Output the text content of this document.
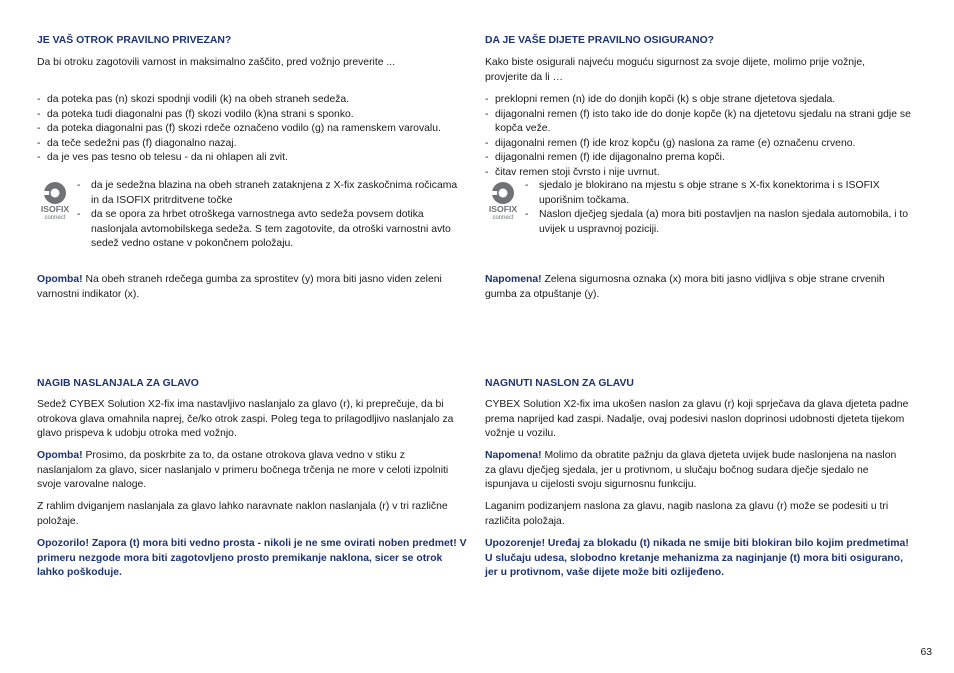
JE VAŠ OTROK PRAVILNO PRIVEZAN?
Da bi otroku zagotovili varnost in maksimalno zaščito, pred vožnjo preverite ...
- da poteka pas (n) skozi spodnji vodili (k) na obeh straneh sedeža.
- da poteka tudi diagonalni pas (f) skozi vodilo (k)na strani s sponko.
- da poteka diagonalni pas (f) skozi rdeče označeno vodilo (g) na ramenskem varovalu.
- da teče sedežni pas (f) diagonalno nazaj.
- da je ves pas tesno ob telesu - da ni ohlapen ali zvit.
ISOFIX
connect
- da je sedežna blazina na obeh straneh zataknjena z X-fix zaskočnima ročicama in da ISOFIX pritrditvene točke
- da se opora za hrbet otroškega varnostnega avto sedeža povsem dotika naslonjala avtomobilskega sedeža. S tem zagotovite, da otroški varnostni avto sedež vedno ostane v pokončnem položaju.
Opomba! Na obeh straneh rdečega gumba za sprostitev (y) mora biti jasno viden zeleni varnostni indikator (x).
NAGIB NASLANJALA ZA GLAVO
Sedež CYBEX Solution X2-fix ima nastavljivo naslanjalo za glavo (r), ki preprečuje, da bi otrokova glava omahnila naprej, če/ko otrok zaspi. Poleg tega to prilagodljivo naslanjalo za glavo prispeva k udobju otroka med vožnjo.
Opomba! Prosimo, da poskrbite za to, da ostane otrokova glava vedno v stiku z naslanjalom za glavo, sicer naslanjalo v primeru bočnega trčenja ne more v celoti izpolniti svoje varovalne naloge.
Z rahlim dviganjem naslanjala za glavo lahko naravnate naklon naslanjala (r) v tri različne položaje.
Opozorilo! Zaporа (t) mora biti vedno prosta - nikoli je ne sme ovirati noben predmet! V primeru nezgode mora biti zagotovljeno prosto premikanje naklona, sicer se otrok lahko poškoduje.
DA JE VAŠE DIJETE PRAVILNO OSIGURANO?
Kako biste osigurali najveću moguću sigurnost za svoje dijete, molimo prije vožnje, provjerite da li …
- preklopni remen (n) ide do donjih kopči (k) s obje strane djetetova sjedala.
- dijagonalni remen (f) isto tako ide do donje kopče (k) na djetetovu sjedalu na strani gdje se kopča veže.
- dijagonalni remen (f) ide kroz kopču (g) naslona za rame (e) označenu crveno.
- dijagonalni remen (f) ide dijagonalno prema kopči.
- čitav remen stoji čvrsto i nije uvrnut.
ISOFIX
connect
- sjedalo je blokirano na mjestu s obje strane s X-fix konektorima i s ISOFIX uporišnim točkama.
- Naslon dječjeg sjedala (a) mora biti postavljen na naslon sjedala automobila, i to uvijek u uspravnoj poziciji.
Napomena! Zelena sigurnosna oznaka (x) mora biti jasno vidljiva s obje strane crvenih gumba za otpuštanje (y).
NAGNUTI NASLON ZA GLAVU
CYBEX Solution X2-fix ima ukošen naslon za glavu (r) koji sprječava da glava djeteta padne prema naprijed kad zaspi. Nadalje, ovaj podesivi naslon doprinosi udobnosti djeteta tijekom vožnje u vozilu.
Napomena! Molimo da obratite pažnju da glava djeteta uvijek bude naslonjena na naslon za glavu dječjeg sjedala, jer u protivnom, u slučaju bočnog sudara dječje sjedalo ne ispunjava u cijelosti svoju sigurnosnu funkciju.
Laganim podizanjem naslona za glavu, nagib naslona za glavu (r) može se podesiti u tri različita položaja.
Upozorenje! Uređaj za blokadu (t) nikada ne smije biti blokiran bilo kojim predmetima! U slučaju udesa, slobodno kretanje mehanizma za naginjanje (t) mora biti osigurano, jer u protivnom, vaše dijete može biti ozlijeđeno.
63
